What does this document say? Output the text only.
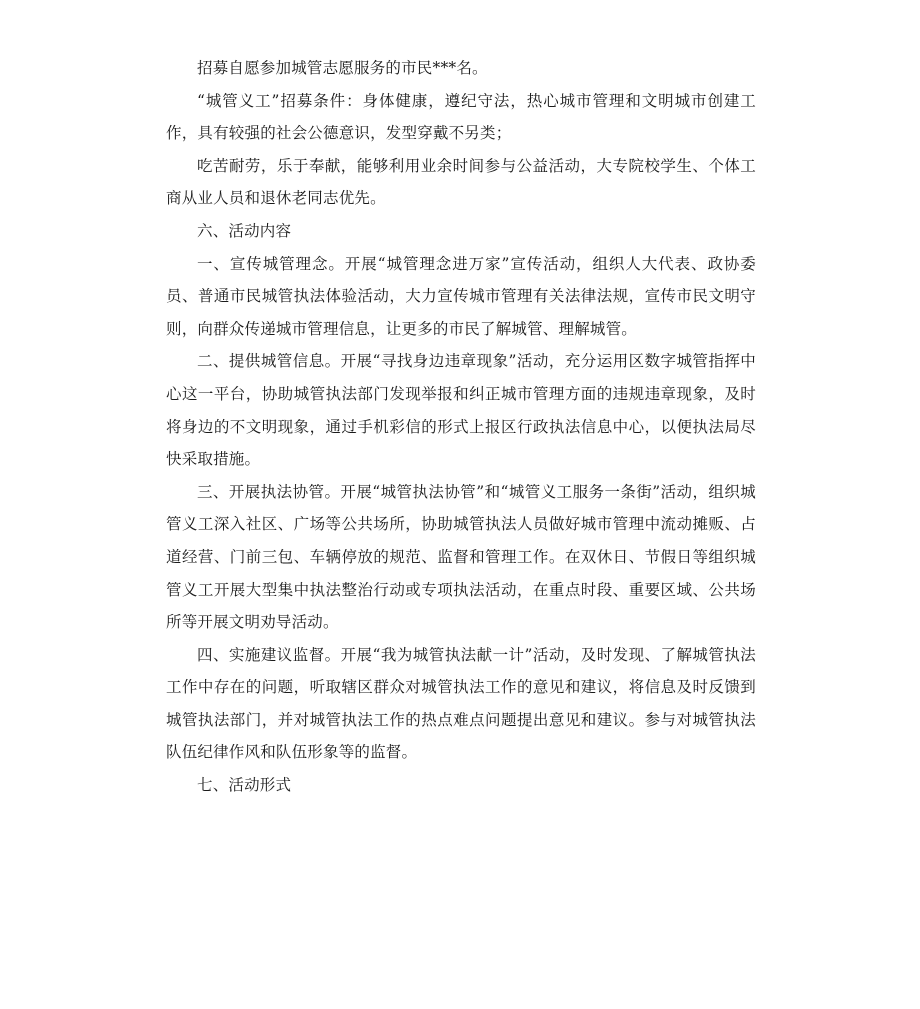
招募自愿参加城管志愿服务的市民***名。

“城管义工”招募条件：身体健康，遵纪守法，热心城市管理和文明城市创建工作，具有较强的社会公德意识，发型穿戴不另类；

吃苦耐劳，乐于奉献，能够利用业余时间参与公益活动，大专院校学生、个体工商从业人员和退休老同志优先。

六、活动内容

一、宣传城管理念。开展“城管理念进万家”宣传活动，组织人大代表、政协委员、普通市民城管执法体验活动，大力宣传城市管理有关法律法规，宣传市民文明守则，向群众传递城市管理信息，让更多的市民了解城管、理解城管。

二、提供城管信息。开展“寻找身边违章现象”活动，充分运用区数字城管指挥中心这一平台，协助城管执法部门发现举报和纠正城市管理方面的违规违章现象，及时将身边的不文明现象，通过手机彩信的形式上报区行政执法信息中心，以便执法局尽快采取措施。

三、开展执法协管。开展“城管执法协管”和“城管义工服务一条街”活动，组织城管义工深入社区、广场等公共场所，协助城管执法人员做好城市管理中流动摊贩、占道经营、门前三包、车辆停放的规范、监督和管理工作。在双休日、节假日等组织城管义工开展大型集中执法整治行动或专项执法活动，在重点时段、重要区域、公共场所等开展文明劝导活动。

四、实施建议监督。开展“我为城管执法献一计”活动，及时发现、了解城管执法工作中存在的问题，听取辖区群众对城管执法工作的意见和建议，将信息及时反馈到城管执法部门，并对城管执法工作的热点难点问题提出意见和建议。参与对城管执法队伍纪律作风和队伍形象等的监督。

七、活动形式
